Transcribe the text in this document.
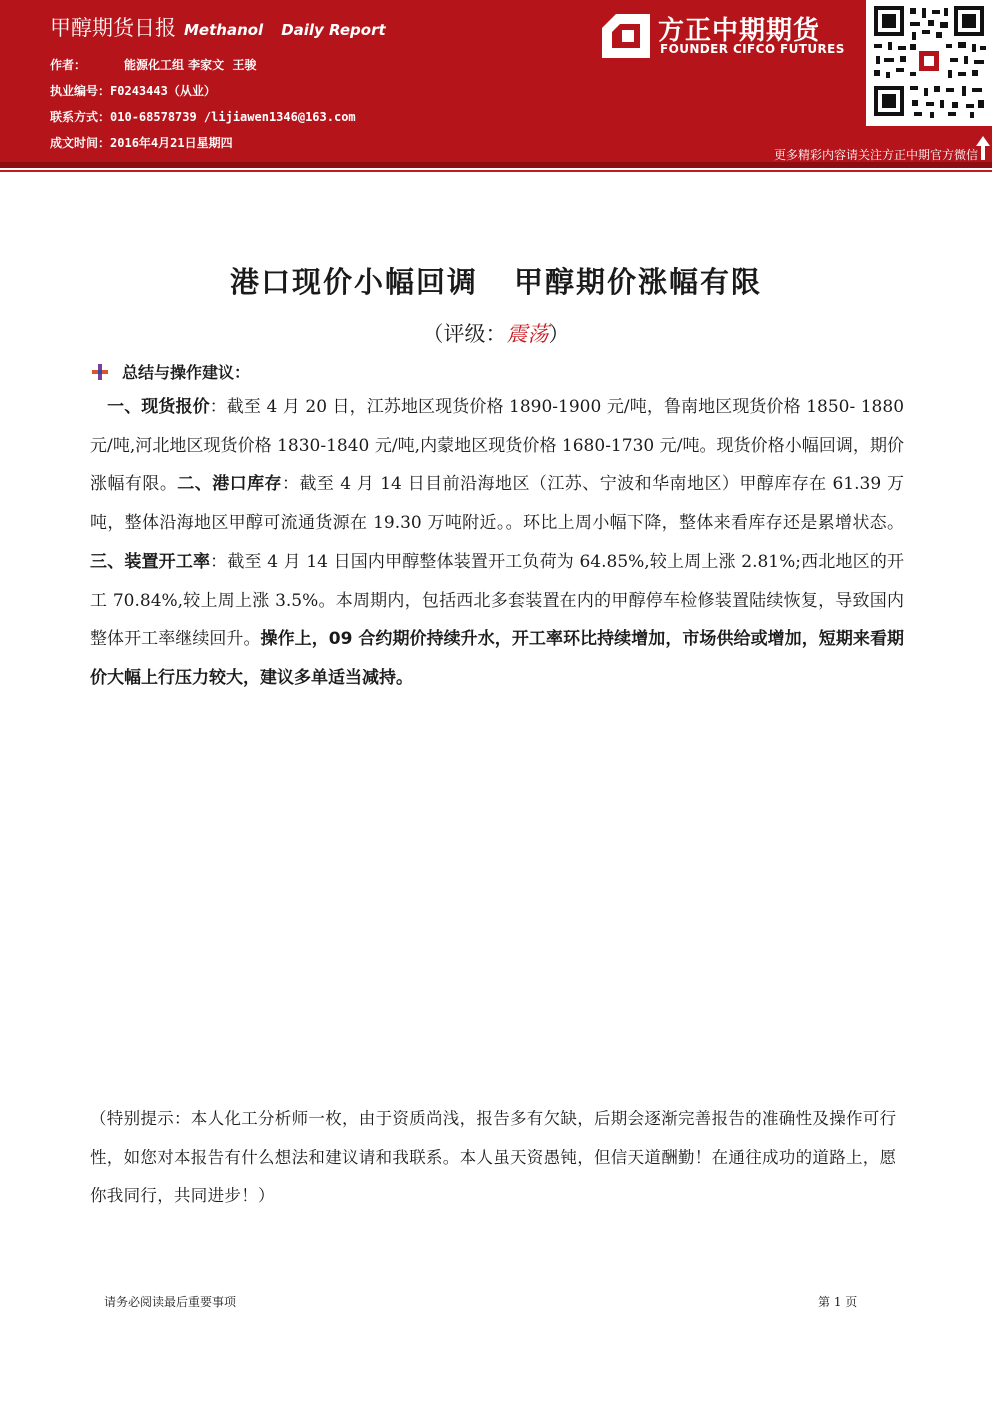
甲醇期货日报 Methanol Daily Report
作者：	能源化工组 李家文  王骏
执业编号：F0243443（从业）
联系方式：010-68578739 /lijiawen1346@163.com
成文时间：2016年4月21日星期四
方正中期期货
FOUNDER CIFCO FUTURES
更多精彩内容请关注方正中期官方微信
港口现价小幅回调 甲醇期价涨幅有限
（评级：震荡）
总结与操作建议：
一、现货报价：截至 4 月 20 日，江苏地区现货价格 1890-1900 元/吨，鲁南地区现货价格 1850- 1880 元/吨,河北地区现货价格 1830-1840 元/吨,内蒙地区现货价格 1680-1730 元/吨。现货价格小幅回调，期价涨幅有限。二、港口库存：截至 4 月 14 日目前沿海地区（江苏、宁波和华南地区）甲醇库存在 61.39 万吨，整体沿海地区甲醇可流通货源在 19.30 万吨附近。。环比上周小幅下降，整体来看库存还是累增状态。三、装置开工率：截至 4 月 14 日国内甲醇整体装置开工负荷为 64.85%,较上周上涨 2.81%;西北地区的开工 70.84%,较上周上涨 3.5%。本周期内，包括西北多套装置在内的甲醇停车检修装置陆续恢复，导致国内整体开工率继续回升。操作上，09 合约期价持续升水，开工率环比持续增加，市场供给或增加，短期来看期价大幅上行压力较大，建议多单适当减持。
（特别提示：本人化工分析师一枚，由于资质尚浅，报告多有欠缺，后期会逐渐完善报告的准确性及操作可行性，如您对本报告有什么想法和建议请和我联系。本人虽天资愚钝，但信天道酬勤！在通往成功的道路上，愿你我同行，共同进步！）
请务必阅读最后重要事项	第 1 页
